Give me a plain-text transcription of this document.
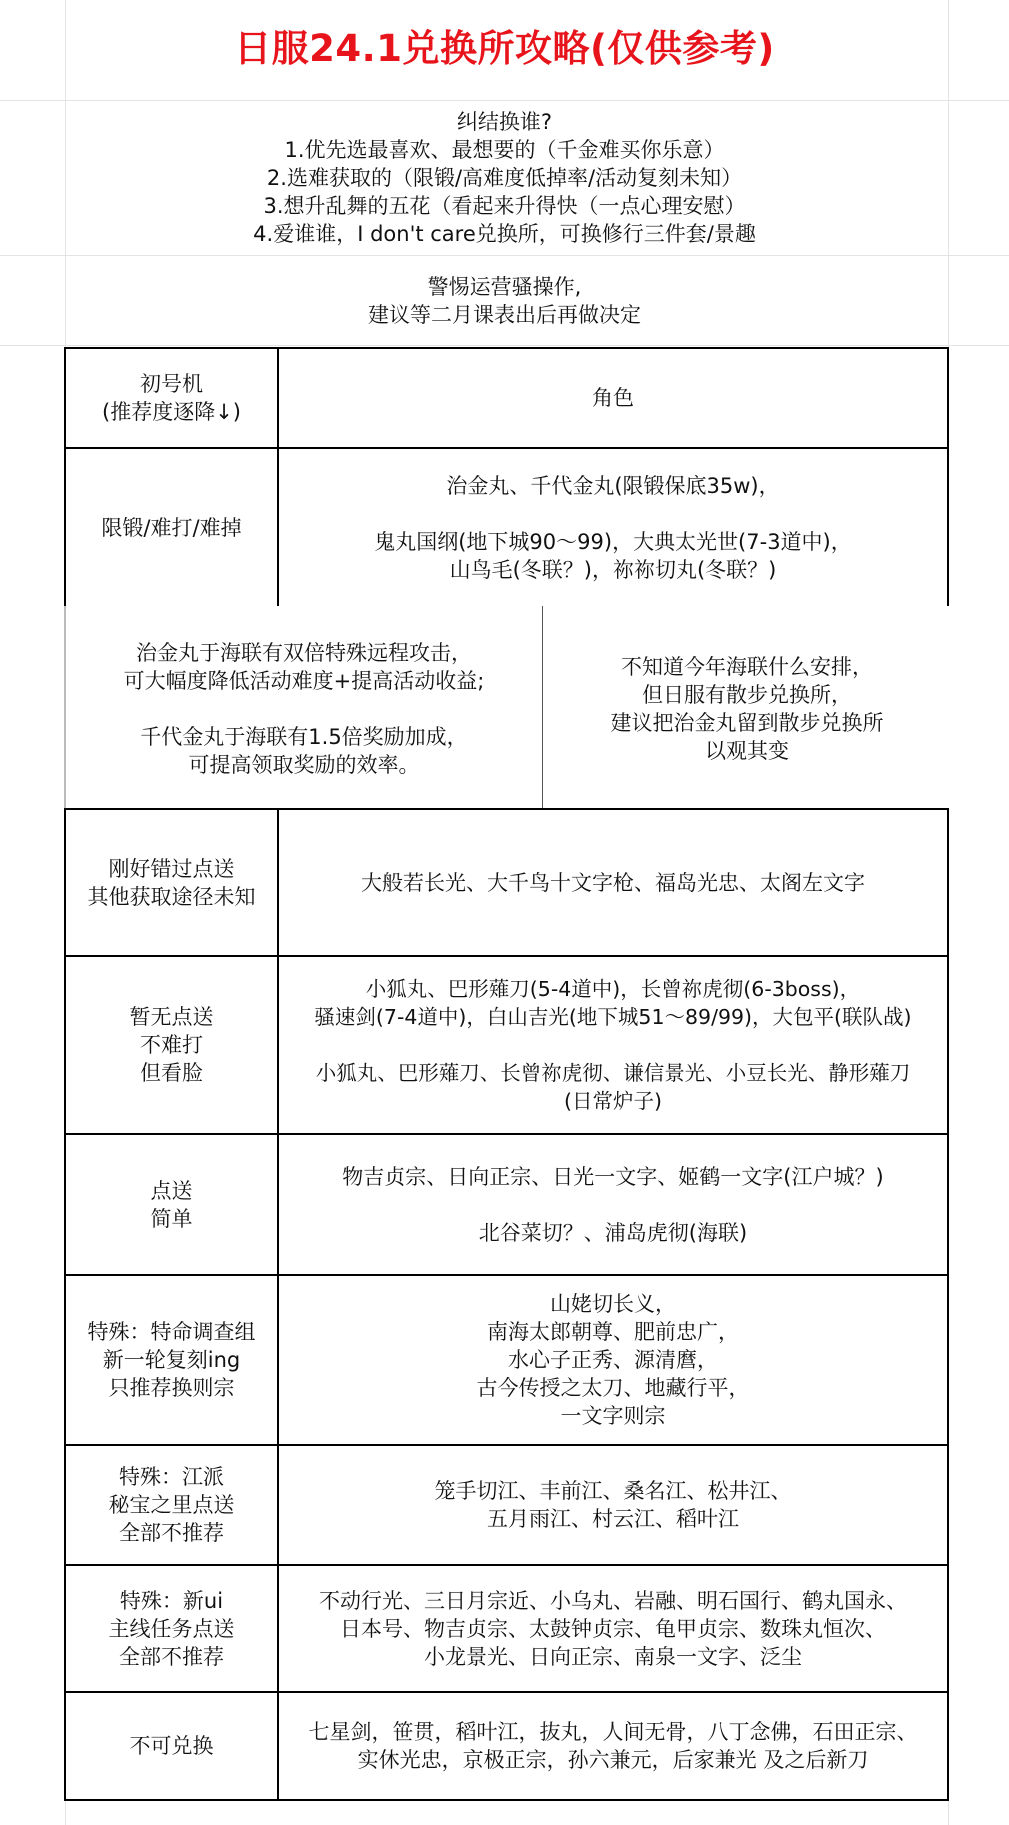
日服24.1兑换所攻略(仅供参考)
纠结换谁?
1.优先选最喜欢、最想要的（千金难买你乐意）
2.选难获取的（限锻/高难度低掉率/活动复刻未知）
3.想升乱舞的五花（看起来升得快（一点心理安慰）
4.爱谁谁，I don't care兑换所，可换修行三件套/景趣
警惕运营骚操作,
建议等二月课表出后再做决定
初号机
(推荐度逐降↓)
角色
限锻/难打/难掉
治金丸、千代金丸(限锻保底35w)，

鬼丸国纲(地下城90～99)，大典太光世(7-3道中)，
山鸟毛(冬联？)，祢祢切丸(冬联？)
治金丸于海联有双倍特殊远程攻击，
可大幅度降低活动难度+提高活动收益;

千代金丸于海联有1.5倍奖励加成，
可提高领取奖励的效率。
不知道今年海联什么安排，
但日服有散步兑换所，
建议把治金丸留到散步兑换所
以观其变
刚好错过点送
其他获取途径未知
大般若长光、大千鸟十文字枪、福岛光忠、太阁左文字
暂无点送
不难打
但看脸
小狐丸、巴形薙刀(5-4道中)，长曾祢虎彻(6-3boss)，
骚速剑(7-4道中)，白山吉光(地下城51～89/99)，大包平(联队战)

小狐丸、巴形薙刀、长曾祢虎彻、谦信景光、小豆长光、静形薙刀
(日常炉子)
点送
简单
物吉贞宗、日向正宗、日光一文字、姬鹤一文字(江户城？)

北谷菜切？、浦岛虎彻(海联)
特殊：特命调查组
新一轮复刻ing
只推荐换则宗
山姥切长义，
南海太郎朝尊、肥前忠广，
水心子正秀、源清麿，
古今传授之太刀、地藏行平，
一文字则宗
特殊：江派
秘宝之里点送
全部不推荐
笼手切江、丰前江、桑名江、松井江、
五月雨江、村云江、稻叶江
特殊：新ui
主线任务点送
全部不推荐
不动行光、三日月宗近、小乌丸、岩融、明石国行、鹤丸国永、
日本号、物吉贞宗、太鼓钟贞宗、龟甲贞宗、数珠丸恒次、
小龙景光、日向正宗、南泉一文字、泛尘
不可兑换
七星剑，笹贯，稻叶江，抜丸，人间无骨，八丁念佛，石田正宗、
实休光忠，京极正宗，孙六兼元，后家兼光 及之后新刀
